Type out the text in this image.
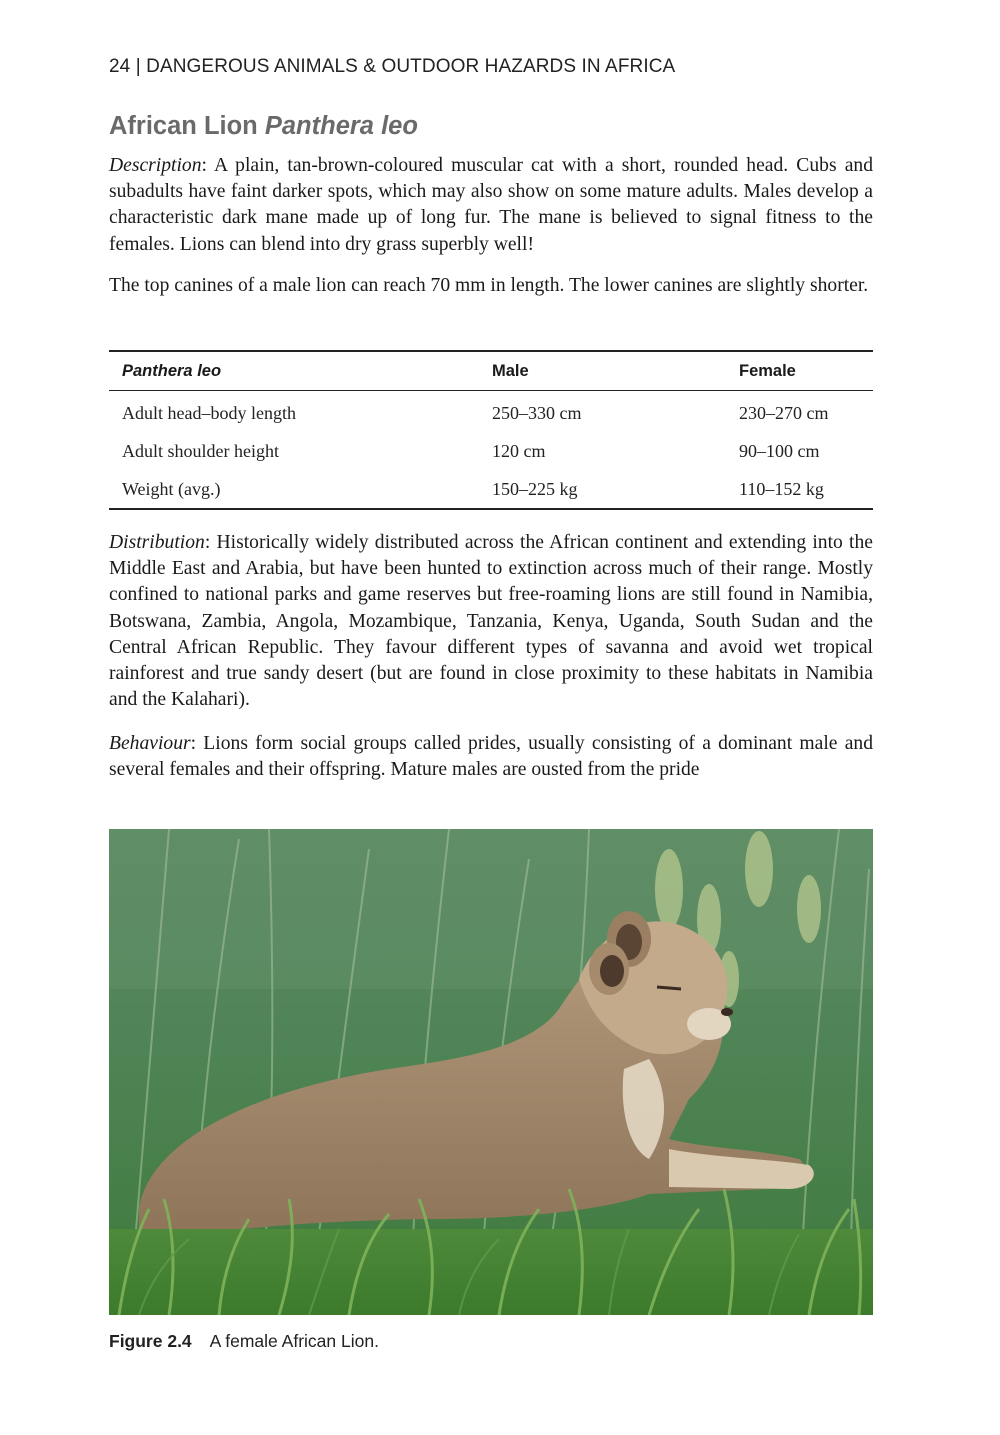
24 | DANGEROUS ANIMALS & OUTDOOR HAZARDS IN AFRICA
African Lion Panthera leo

Description: A plain, tan-brown-coloured muscular cat with a short, rounded head. Cubs and subadults have faint darker spots, which may also show on some mature adults. Males develop a characteristic dark mane made up of long fur. The mane is believed to signal fitness to the females. Lions can blend into dry grass superbly well!

The top canines of a male lion can reach 70 mm in length. The lower canines are slightly shorter.

Panthera leo	Male	Female
Adult head–body length	250–330 cm	230–270 cm
Adult shoulder height	120 cm	90–100 cm
Weight (avg.)	150–225 kg	110–152 kg

Distribution: Historically widely distributed across the African continent and extending into the Middle East and Arabia, but have been hunted to extinction across much of their range. Mostly confined to national parks and game reserves but free-roaming lions are still found in Namibia, Botswana, Zambia, Angola, Mozambique, Tanzania, Kenya, Uganda, South Sudan and the Central African Republic. They favour different types of savanna and avoid wet tropical rainforest and true sandy desert (but are found in close proximity to these habitats in Namibia and the Kalahari).

Behaviour: Lions form social groups called prides, usually consisting of a dominant male and several females and their offspring. Mature males are ousted from the pride

Figure 2.4 A female African Lion.
